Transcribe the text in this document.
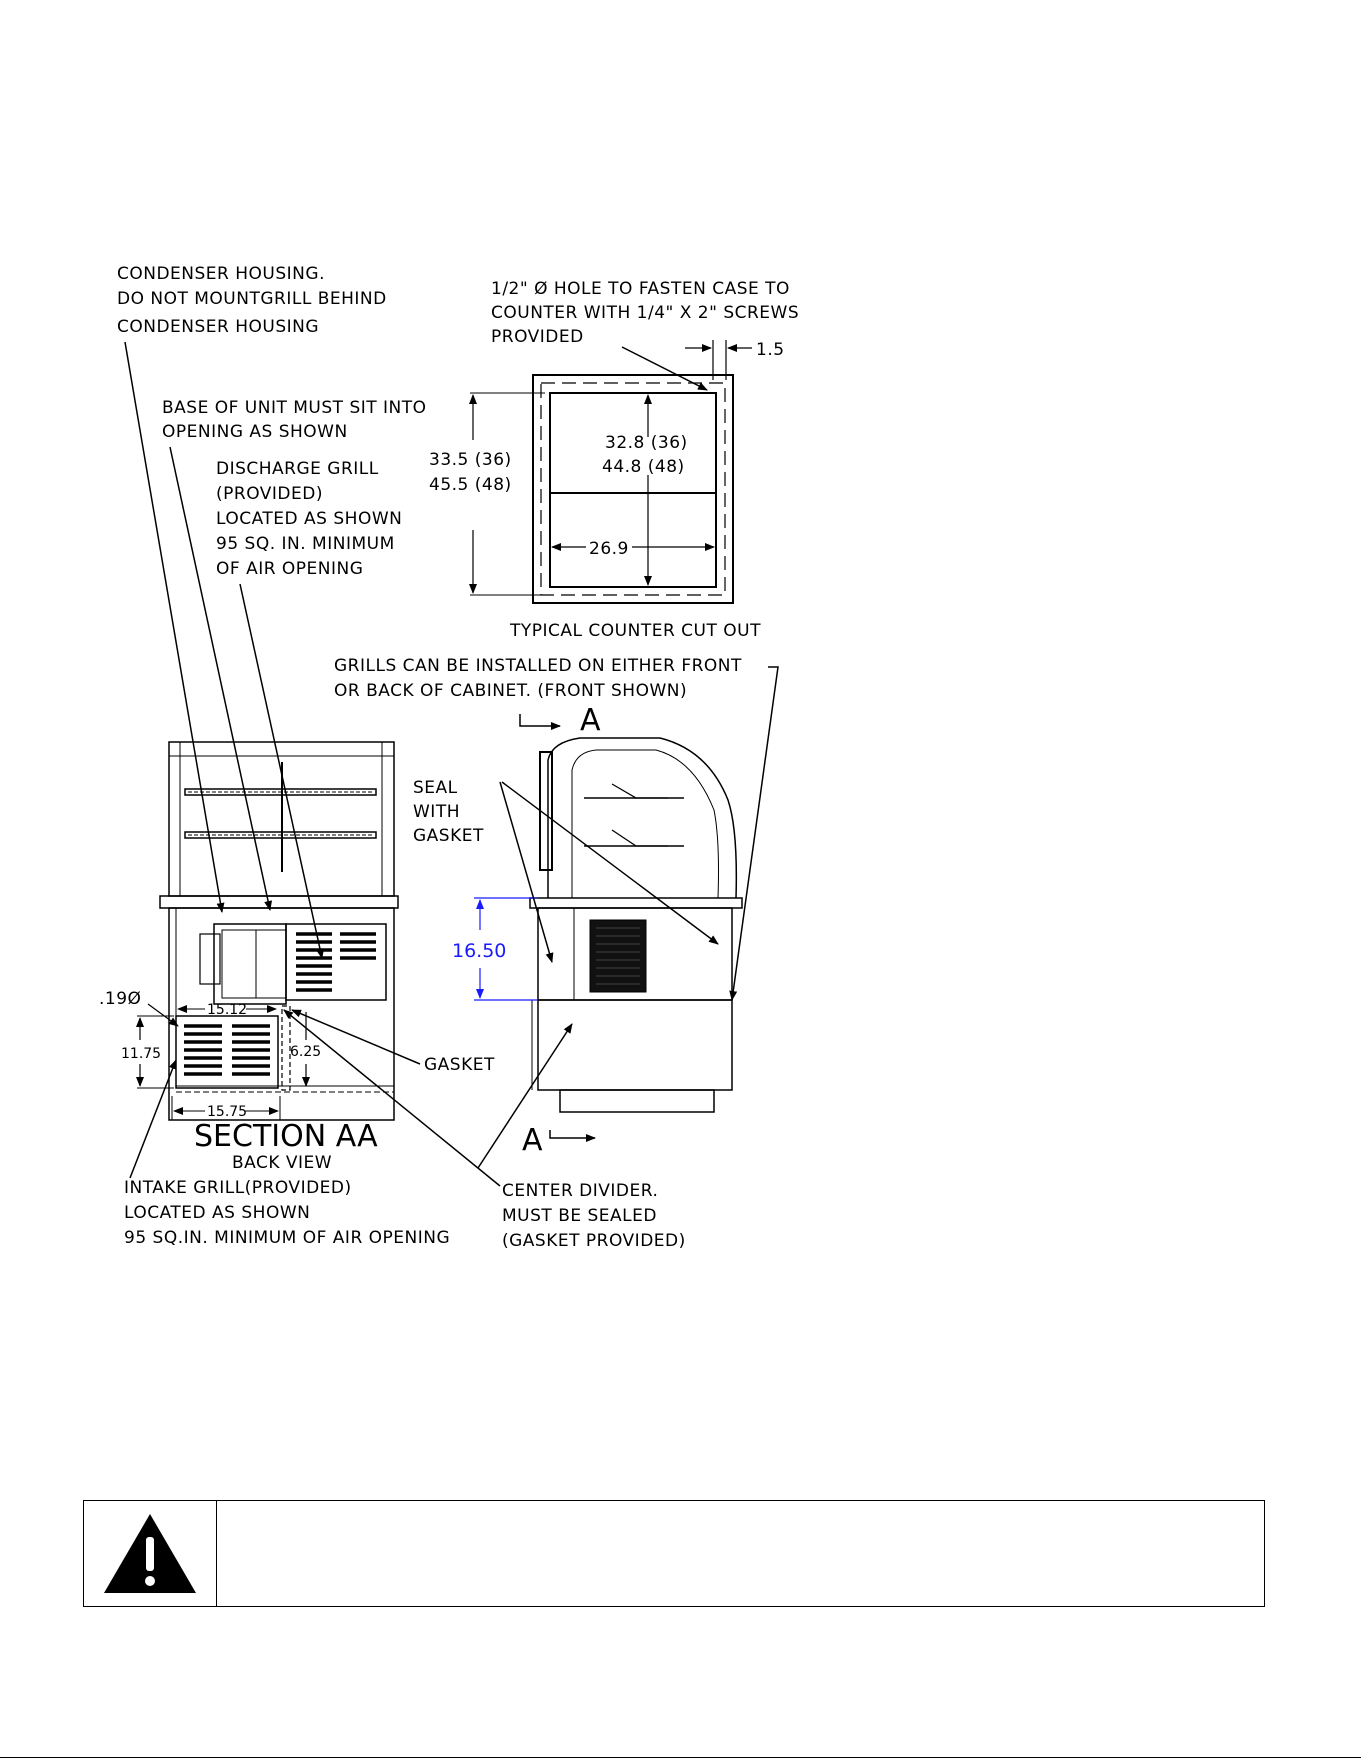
CONDENSER HOUSING.
DO NOT MOUNTGRILL BEHIND
CONDENSER HOUSING
BASE OF UNIT MUST SIT INTO
OPENING AS SHOWN
DISCHARGE GRILL
(PROVIDED)
LOCATED AS SHOWN
95 SQ. IN. MINIMUM
OF AIR OPENING
1/2" Ø HOLE TO FASTEN CASE TO
COUNTER WITH 1/4" X 2" SCREWS
PROVIDED
1.5
33.5 (36)
45.5 (48)
32.8 (36)
44.8 (48)
26.9
TYPICAL COUNTER CUT OUT
GRILLS CAN BE INSTALLED ON EITHER FRONT
OR BACK OF CABINET. (FRONT SHOWN)
15.12
.19Ø
11.75	6.25
15.75
GASKET
SECTION AA
BACK VIEW
INTAKE GRILL(PROVIDED)
LOCATED AS SHOWN
95 SQ.IN. MINIMUM OF AIR OPENING
CENTER DIVIDER.
MUST BE SEALED
(GASKET PROVIDED)
A
A
16.50
SEAL
WITH
GASKET
